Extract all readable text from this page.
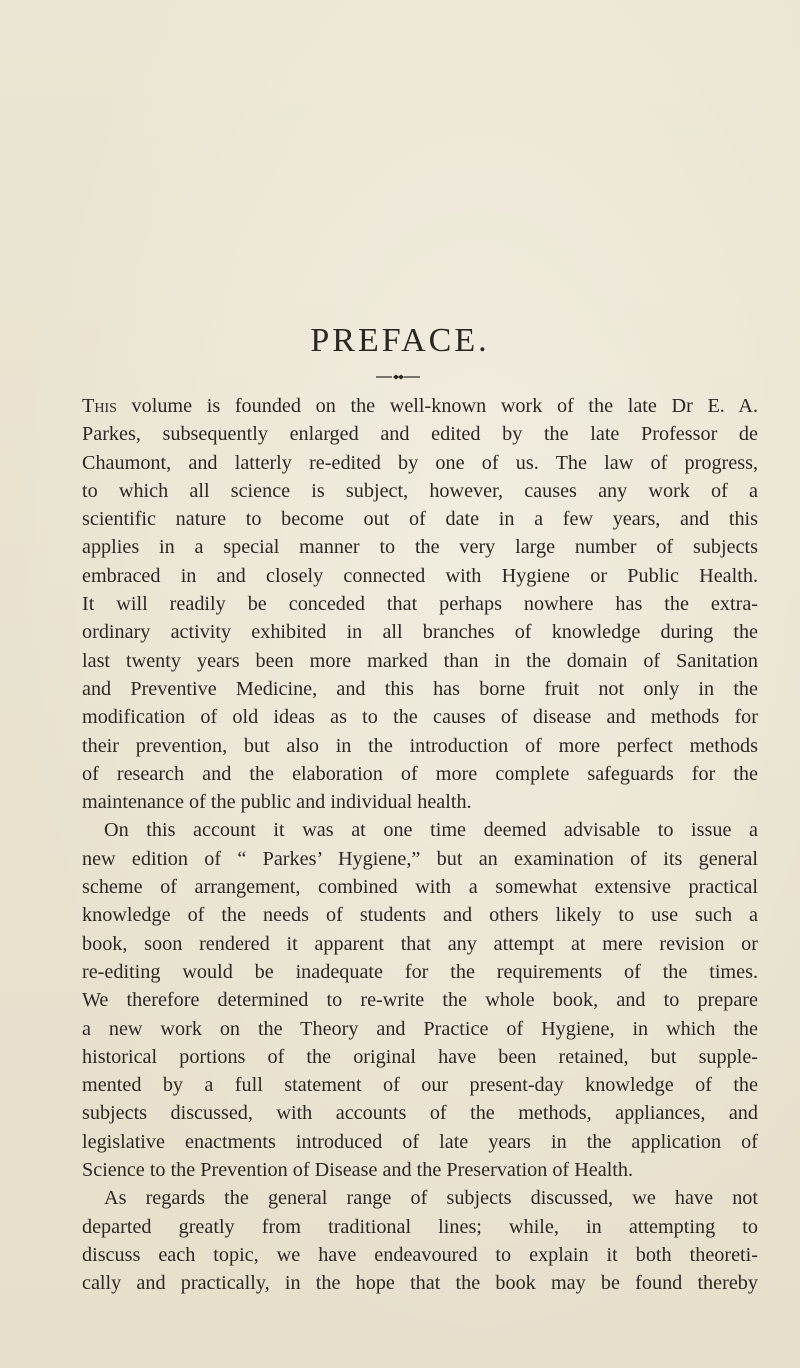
PREFACE.
This volume is founded on the well-known work of the late Dr E. A.
Parkes, subsequently enlarged and edited by the late Professor de
Chaumont, and latterly re-edited by one of us. The law of progress,
to which all science is subject, however, causes any work of a
scientific nature to become out of date in a few years, and this
applies in a special manner to the very large number of subjects
embraced in and closely connected with Hygiene or Public Health.
It will readily be conceded that perhaps nowhere has the extra-
ordinary activity exhibited in all branches of knowledge during the
last twenty years been more marked than in the domain of Sanitation
and Preventive Medicine, and this has borne fruit not only in the
modification of old ideas as to the causes of disease and methods for
their prevention, but also in the introduction of more perfect methods
of research and the elaboration of more complete safeguards for the
maintenance of the public and individual health.
On this account it was at one time deemed advisable to issue a
new edition of “ Parkes’ Hygiene,” but an examination of its general
scheme of arrangement, combined with a somewhat extensive practical
knowledge of the needs of students and others likely to use such a
book, soon rendered it apparent that any attempt at mere revision or
re-editing would be inadequate for the requirements of the times.
We therefore determined to re-write the whole book, and to prepare
a new work on the Theory and Practice of Hygiene, in which the
historical portions of the original have been retained, but supple-
mented by a full statement of our present-day knowledge of the
subjects discussed, with accounts of the methods, appliances, and
legislative enactments introduced of late years in the application of
Science to the Prevention of Disease and the Preservation of Health.
As regards the general range of subjects discussed, we have not
departed greatly from traditional lines; while, in attempting to
discuss each topic, we have endeavoured to explain it both theoreti-
cally and practically, in the hope that the book may be found thereby
